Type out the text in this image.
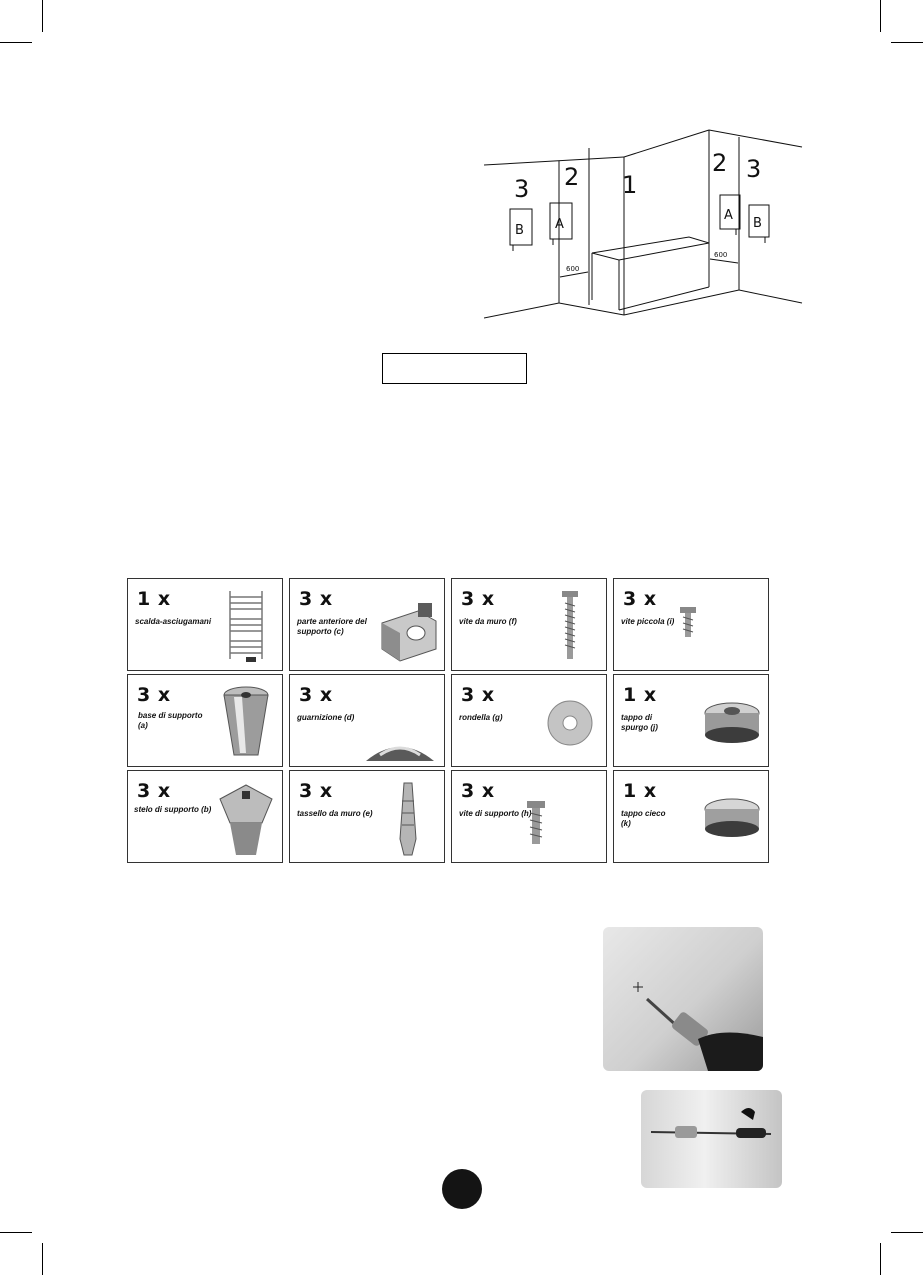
2
3	1
2 3
A
B
A
B
600
600
1 x
scalda-asciugamani
3 x
parte anteriore del supporto (c)
3 x
vite da muro (f)
3 x
vite piccola (i)
3 x
base di supporto (a)
3 x
guarnizione (d)
3 x
rondella (g)
1 x
tappo di spurgo (j)
3 x
stelo di supporto (b)
3 x
tassello da muro (e)
3 x
vite di supporto (h)
1 x
tappo cieco (k)
